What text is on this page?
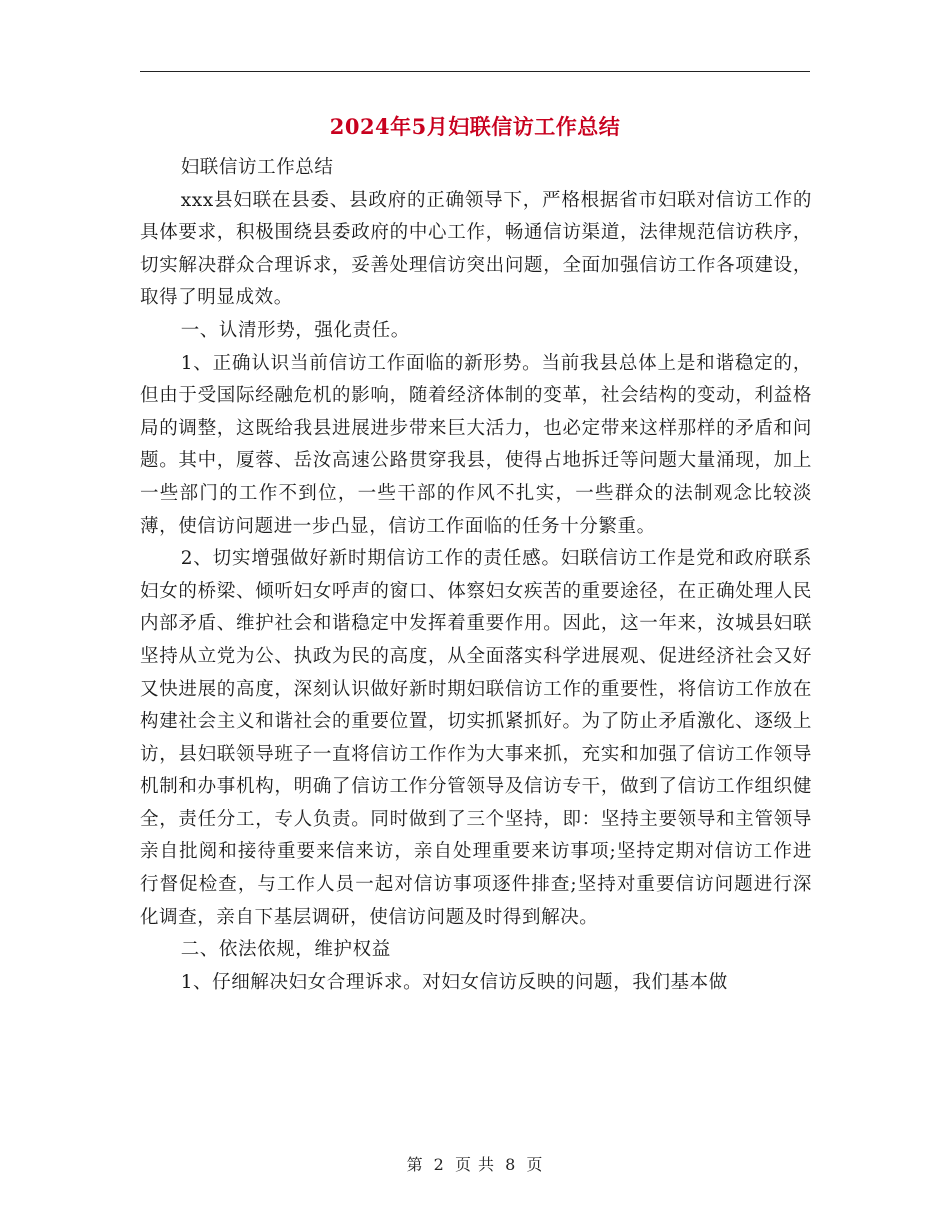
2024年5月妇联信访工作总结

妇联信访工作总结

xxx县妇联在县委、县政府的正确领导下，严格根据省市妇联对信访工作的具体要求，积极围绕县委政府的中心工作，畅通信访渠道，法律规范信访秩序，切实解决群众合理诉求，妥善处理信访突出问题，全面加强信访工作各项建设，取得了明显成效。

一、认清形势，强化责任。

1、正确认识当前信访工作面临的新形势。当前我县总体上是和谐稳定的，但由于受国际经融危机的影响，随着经济体制的变革，社会结构的变动，利益格局的调整，这既给我县进展进步带来巨大活力，也必定带来这样那样的矛盾和问题。其中，厦蓉、岳汝高速公路贯穿我县，使得占地拆迁等问题大量涌现，加上一些部门的工作不到位，一些干部的作风不扎实，一些群众的法制观念比较淡薄，使信访问题进一步凸显，信访工作面临的任务十分繁重。

2、切实增强做好新时期信访工作的责任感。妇联信访工作是党和政府联系妇女的桥梁、倾听妇女呼声的窗口、体察妇女疾苦的重要途径，在正确处理人民内部矛盾、维护社会和谐稳定中发挥着重要作用。因此，这一年来，汝城县妇联坚持从立党为公、执政为民的高度，从全面落实科学进展观、促进经济社会又好又快进展的高度，深刻认识做好新时期妇联信访工作的重要性，将信访工作放在构建社会主义和谐社会的重要位置，切实抓紧抓好。为了防止矛盾激化、逐级上访，县妇联领导班子一直将信访工作作为大事来抓，充实和加强了信访工作领导机制和办事机构，明确了信访工作分管领导及信访专干，做到了信访工作组织健全，责任分工，专人负责。同时做到了三个坚持，即：坚持主要领导和主管领导亲自批阅和接待重要来信来访，亲自处理重要来访事项;坚持定期对信访工作进行督促检查，与工作人员一起对信访事项逐件排查;坚持对重要信访问题进行深化调查，亲自下基层调研，使信访问题及时得到解决。

二、依法依规，维护权益

1、仔细解决妇女合理诉求。对妇女信访反映的问题，我们基本做

第 2 页 共 8 页
